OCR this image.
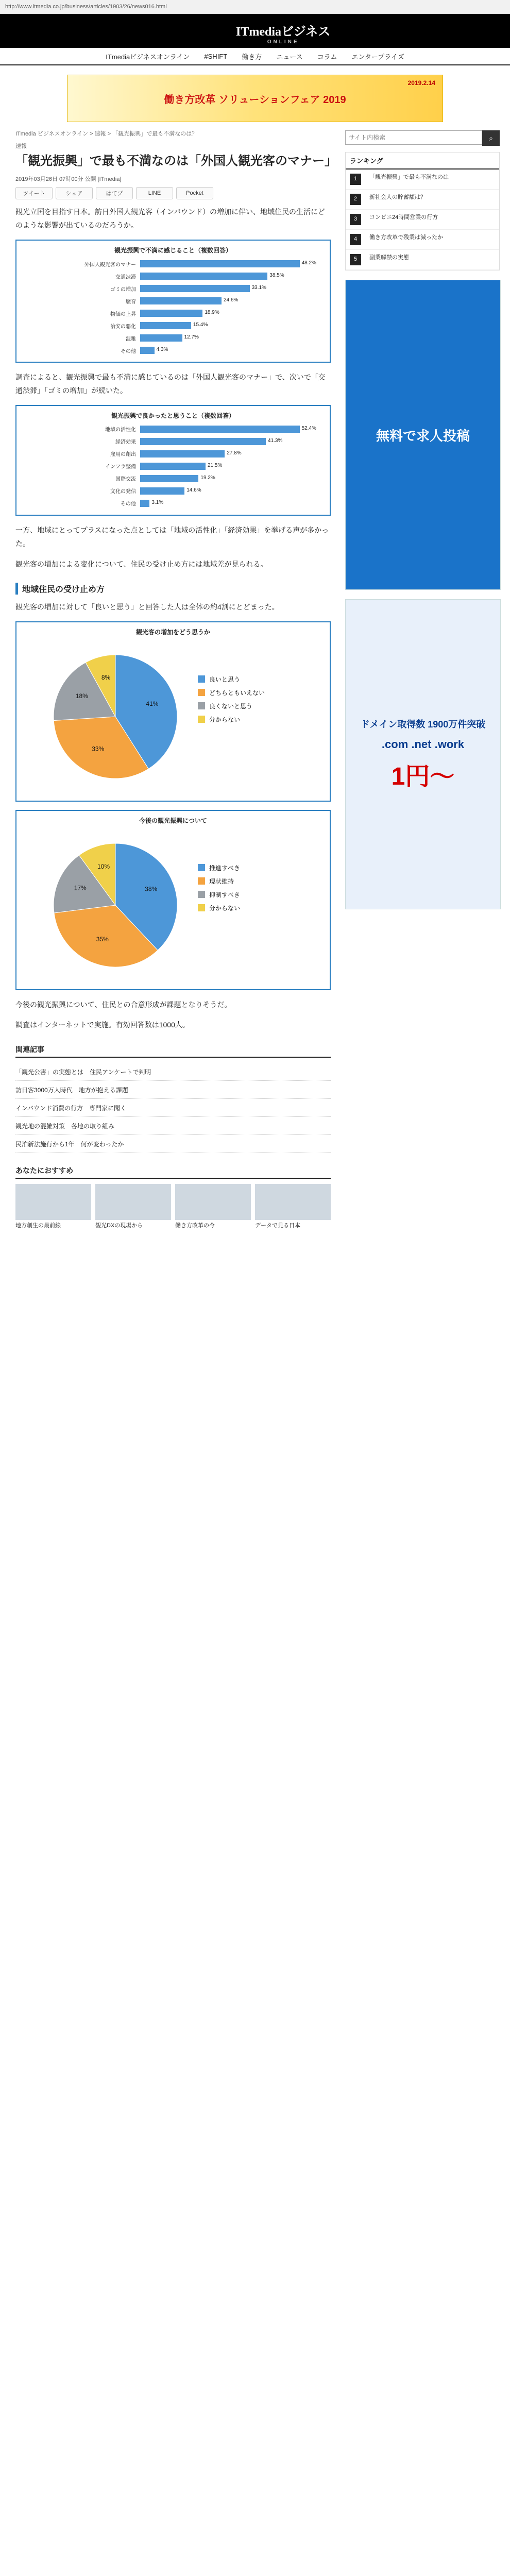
http://www.itmedia.co.jp/business/articles/1903/26/news016.html
ITmediaビジネス
ONLINE
ITmediaビジネスオンライン #SHIFT 働き方 ニュース コラム エンタープライズ
働き方改革 ソリューションフェア 2019
2019.2.14
ITmedia ビジネスオンライン > 速報 > 「観光振興」で最も不満なのは？
速報
「観光振興」で最も不満なのは「外国人観光客のマナー」
2019年03月26日 07時00分 公開 [ITmedia]
ツイート	シェア	はてブ	LINE	Pocket

観光立国を目指す日本。訪日外国人観光客（インバウンド）の増加に伴い、地域住民の生活にどのような影響が出ているのだろうか。

観光振興で不満に感じること（複数回答）
外国人観光客のマナー	48.2%
交通渋滞	38.5%
ゴミの増加	33.1%
騒音	24.6%
物価の上昇	18.9%
治安の悪化	15.4%
混雑	12.7%
その他	4.3%

調査によると、観光振興で最も不満に感じているのは「外国人観光客のマナー」で、次いで「交通渋滞」「ゴミの増加」が続いた。

観光振興で良かったと思うこと（複数回答）
地域の活性化	52.4%
経済効果	41.3%
雇用の創出	27.8%
インフラ整備	21.5%
国際交流	19.2%
文化の発信	14.6%
その他	3.1%

一方、地域にとってプラスになった点としては「地域の活性化」「経済効果」を挙げる声が多かった。

観光客の増加による変化について、住民の受け止め方には地域差が見られる。

地域住民の受け止め方

観光客の増加に対して「良いと思う」と回答した人は全体の約4割にとどまった。

観光客の増加をどう思うか
41%
良いと思う
33%
どちらともいえない
18%
良くないと思う
8%
分からない
今後の観光振興について
38%
推進すべき
35%
現状維持
17%
抑制すべき
10%
分からない

今後の観光振興について、住民との合意形成が課題となりそうだ。

調査はインターネットで実施。有効回答数は1000人。

関連記事
「観光公害」の実態とは　住民アンケートで判明
訪日客3000万人時代　地方が抱える課題
インバウンド消費の行方　専門家に聞く
観光地の混雑対策　各地の取り組み
民泊新法施行から1年　何が変わったか
あなたにおすすめ
地方創生の最前線	観光DXの現場から	働き方改革の今	データで見る日本
サイト内検索
⌕
ランキング
1	「観光振興」で最も不満なのは
2	新社会人の貯蓄額は？
3	コンビニ24時間営業の行方
4	働き方改革で残業は減ったか
5	副業解禁の実態
無料で求人投稿
ドメイン取得数 1900万件突破
.com .net .work
1円〜
